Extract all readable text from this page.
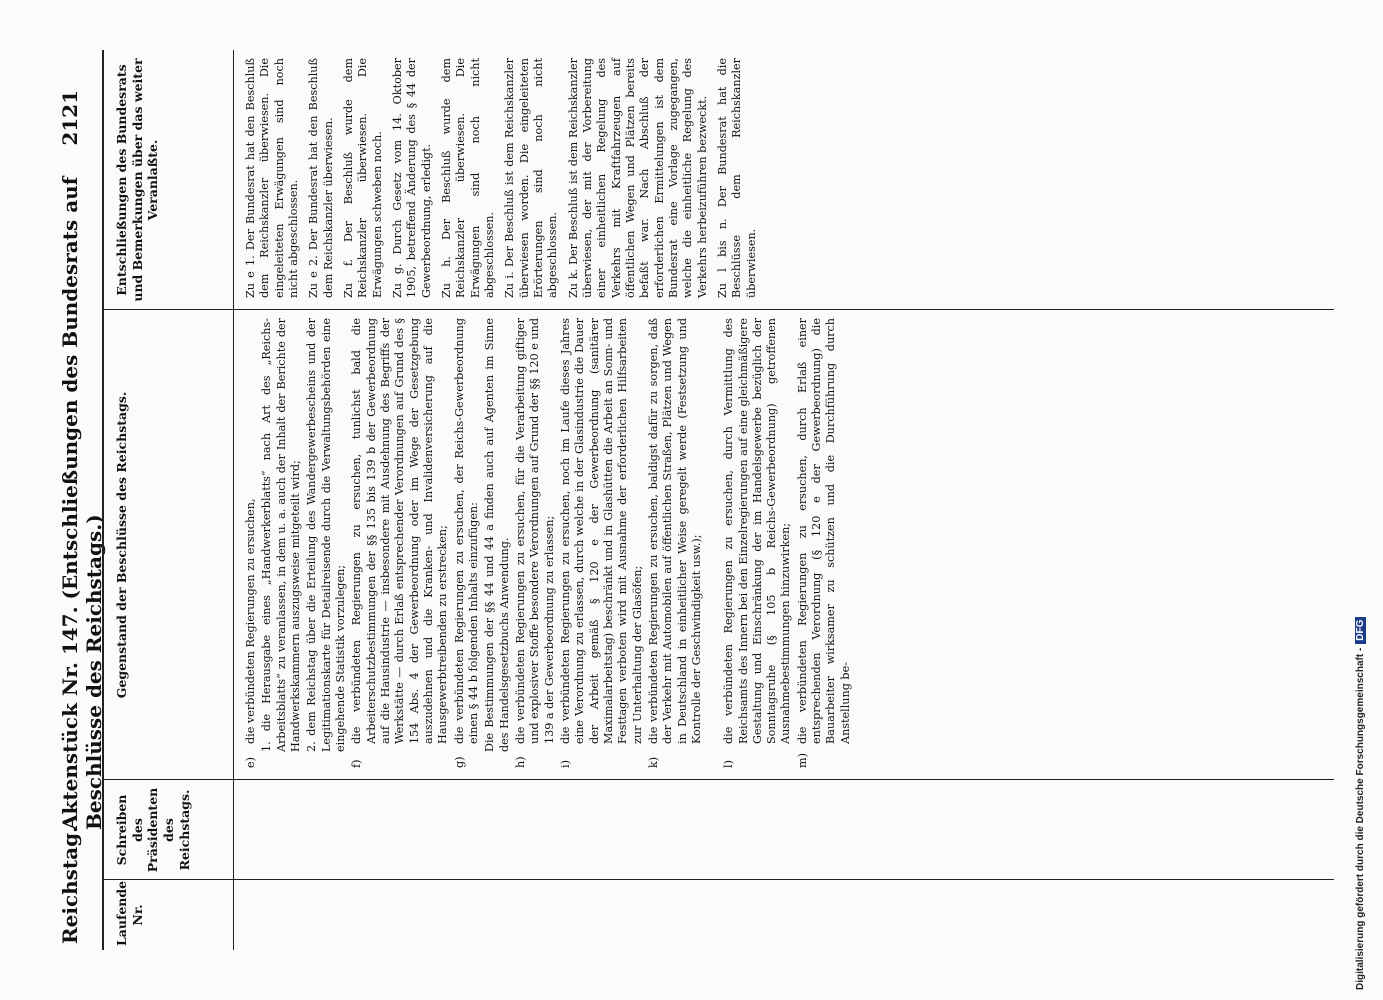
Reichstag.
Aktenstück Nr. 147. (Entschließungen des Bundesrats auf Beschlüsse des Reichstags.)
2121
Laufende Nr.
Schreiben des Präsidenten des Reichstags.
Gegenstand der Beschlüsse des Reichstags.
e)
die verbündeten Regierungen zu ersuchen, 1. die Herausgabe eines „Handwerkerblatts“ nach Art des „Reichs-Arbeitsblatts“ zu veranlassen, in dem u. a. auch der Inhalt der Berichte der Handwerkskammern auszugsweise mitgeteilt wird; 2. dem Reichstag über die Erteilung des Wandergewerbescheins und der Legitimationskarte für Detailreisende durch die Verwaltungsbehörden eine eingehende Statistik vorzulegen;
f)
die verbündeten Regierungen zu ersuchen, tunlichst bald die Arbeiterschutzbestimmungen der §§ 135 bis 139 b der Gewerbeordnung auf die Hausindustrie — insbesondere mit Ausdehnung des Begriffs der Werkstätte — durch Erlaß entsprechender Verordnungen auf Grund des § 154 Abs. 4 der Gewerbeordnung oder im Wege der Gesetzgebung auszudehnen und die Kranken- und Invalidenversicherung auf die Hausgewerbtreibenden zu erstrecken;
g)
die verbündeten Regierungen zu ersuchen, der Reichs-Gewerbeordnung einen § 44 b folgenden Inhalts einzufügen: Die Bestimmungen der §§ 44 und 44 a finden auch auf Agenten im Sinne des Handelsgesetzbuchs Anwendung.
h)
die verbündeten Regierungen zu ersuchen, für die Verarbeitung giftiger und explosiver Stoffe besondere Verordnungen auf Grund der §§ 120 e und 139 a der Gewerbeordnung zu erlassen;
i)
die verbündeten Regierungen zu ersuchen, noch im Laufe dieses Jahres eine Verordnung zu erlassen, durch welche in der Glasindustrie die Dauer der Arbeit gemäß § 120 e der Gewerbeordnung (sanitärer Maximalarbeitstag) beschränkt und in Glashütten die Arbeit an Sonn- und Festtagen verboten wird mit Ausnahme der erforderlichen Hilfsarbeiten zur Unterhaltung der Glasöfen;
k)
die verbündeten Regierungen zu ersuchen, baldigst dafür zu sorgen, daß der Verkehr mit Automobilen auf öffentlichen Straßen, Plätzen und Wegen in Deutschland in einheitlicher Weise geregelt werde (Festsetzung und Kontrolle der Geschwindigkeit usw.);
l)
die verbündeten Regierungen zu ersuchen, durch Vermittlung des Reichsamts des Innern bei den Einzelregierungen auf eine gleichmäßigere Gestaltung und Einschränkung der im Handelsgewerbe bezüglich der Sonntagsruhe (§ 105 b Reichs-Gewerbeordnung) getroffenen Ausnahmebestimmungen hinzuwirken;
m)
die verbündeten Regierungen zu ersuchen, durch Erlaß einer entsprechenden Verordnung (§ 120 e der Gewerbeordnung) die Bauarbeiter wirksamer zu schützen und die Durchführung durch Anstellung be-
Entschließungen des Bundesrats und Bemerkungen über das weiter Veranlaßte.	Zu e 1. Der Bundesrat hat den Beschluß dem Reichskanzler überwiesen. Die eingeleiteten Erwägungen sind noch nicht abgeschlossen. Zu e 2. Der Bundesrat hat den Beschluß dem Reichskanzler überwiesen. Zu f. Der Beschluß wurde dem Reichskanzler überwiesen. Die Erwägungen schweben noch. Zu g. Durch Gesetz vom 14. Oktober 1905, betreffend Änderung des § 44 der Gewerbeordnung, erledigt. Zu h. Der Beschluß wurde dem Reichskanzler überwiesen. Die Erwägungen sind noch nicht abgeschlossen. Zu i. Der Beschluß ist dem Reichskanzler überwiesen worden. Die eingeleiteten Erörterungen sind noch nicht abgeschlossen. Zu k. Der Beschluß ist dem Reichskanzler überwiesen, der mit der Vorbereitung einer einheitlichen Regelung des Verkehrs mit Kraftfahrzeugen auf öffentlichen Wegen und Plätzen bereits befaßt war. Nach Abschluß der erforderlichen Ermittelungen ist dem Bundesrat eine Vorlage zugegangen, welche die einheitliche Regelung des Verkehrs herbeizuführen bezweckt. Zu l bis n. Der Bundesrat hat die Beschlüsse dem Reichskanzler überwiesen.

Digitalisierung gefördert durch die Deutsche Forschungsgemeinschaft -DFG
